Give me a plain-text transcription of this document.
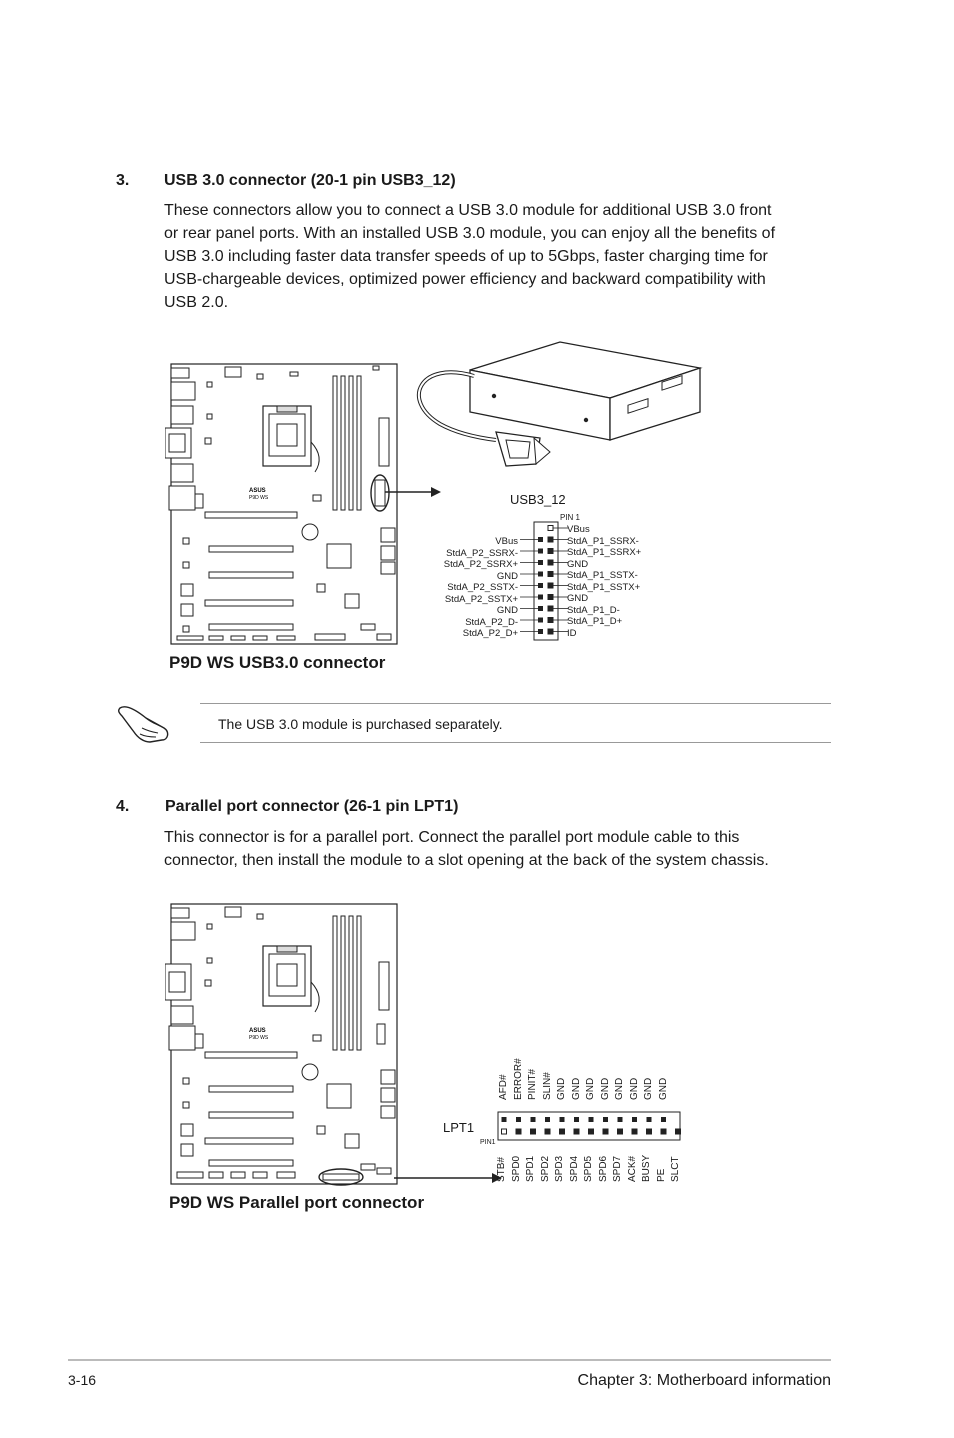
3. USB 3.0 connector (20-1 pin USB3_12)
These connectors allow you to connect a USB 3.0 module for additional USB 3.0 front
or rear panel ports. With an installed USB 3.0 module, you can enjoy all the benefits of
USB 3.0 including faster data transfer speeds of up to 5Gbps, faster charging time for
USB-chargeable devices, optimized power efficiency and backward compatibility with
USB 2.0.
ASUS
P9D WS	USB3_12
PIN 1
VBus
StdA_P2_SSRX-
StdA_P2_SSRX+
GND
StdA_P2_SSTX-
StdA_P2_SSTX+
GND
StdA_P2_D-
StdA_P2_D+
VBus
StdA_P1_SSRX-
StdA_P1_SSRX+
GND
StdA_P1_SSTX-
StdA_P1_SSTX+
GND
StdA_P1_D-
StdA_P1_D+
ID
P9D WS USB3.0 connector
The USB 3.0 module is purchased separately.
4. Parallel port connector (26-1 pin LPT1)
This connector is for a parallel port. Connect the parallel port module cable to this
connector, then install the module to a slot opening at the back of the system chassis.
ASUS
P9D WS
LPT1
PIN1
AFD# ERROR# PINIT# SLIN# GND GND GND GND GND GND GND GND
STB# SPD0 SPD1 SPD2 SPD3 SPD4 SPD5 SPD6 SPD7 ACK# BUSY PE SLCT
P9D WS Parallel port connector
3-16	Chapter 3: Motherboard information
